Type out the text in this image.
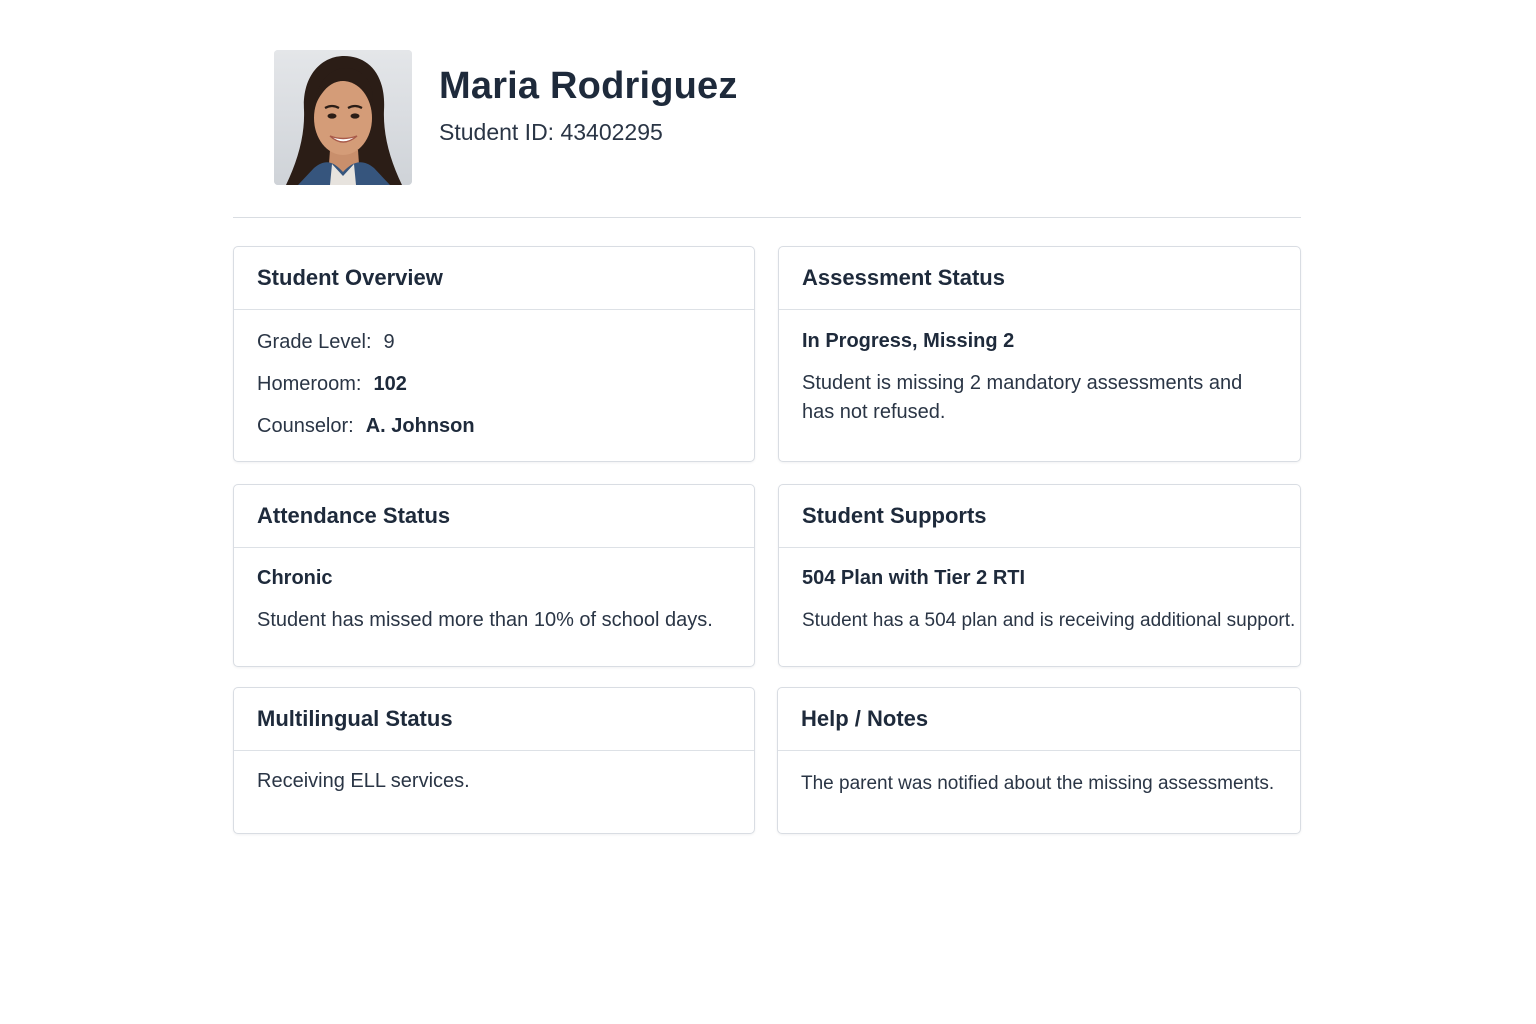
Maria Rodriguez
Student ID: 43402295
Student Overview
Grade Level: 9
Homeroom: 102
Counselor: A. Johnson
Assessment Status
In Progress, Missing 2
Student is missing 2 mandatory assessments and has not refused.
Attendance Status
Chronic
Student has missed more than 10% of school days.
Student Supports
504 Plan with Tier 2 RTI
Student has a 504 plan and is receiving additional support.
Multilingual Status
Receiving ELL services.
Help / Notes
The parent was notified about the missing assessments.
